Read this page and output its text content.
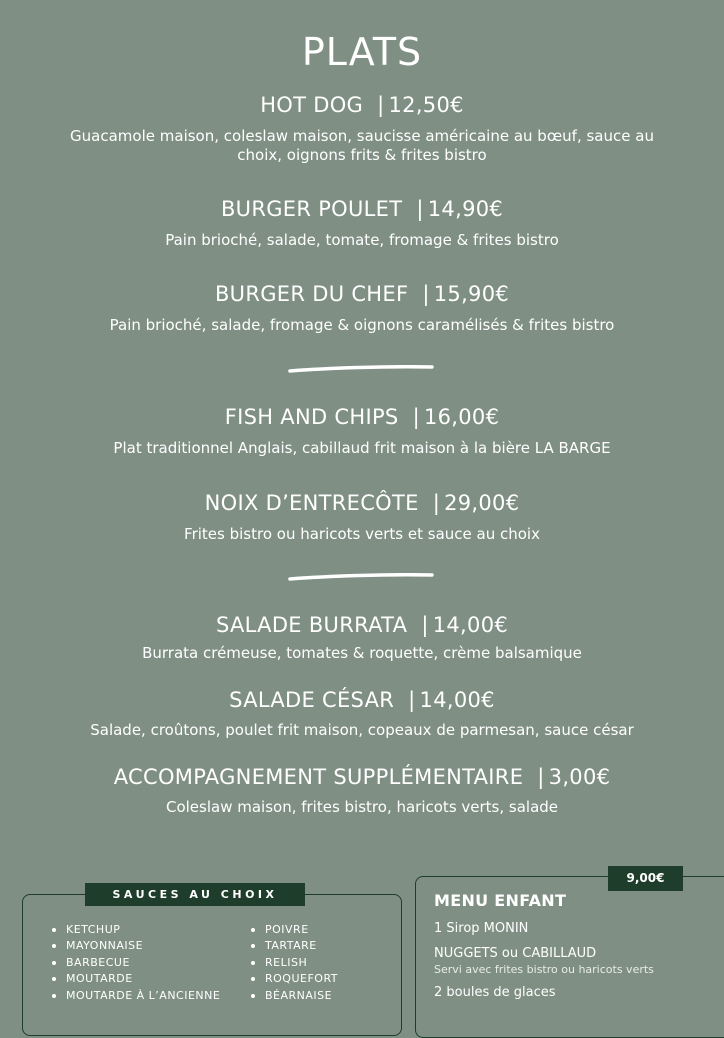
PLATS
HOT DOG | 12,50€
Guacamole maison, coleslaw maison, saucisse américaine au bœuf, sauce au choix, oignons frits & frites bistro
BURGER POULET | 14,90€
Pain brioché, salade, tomate, fromage & frites bistro
BURGER DU CHEF | 15,90€
Pain brioché, salade, fromage & oignons caramélisés & frites bistro
FISH AND CHIPS | 16,00€
Plat traditionnel Anglais, cabillaud frit maison à la bière LA BARGE
NOIX D’ENTRECÔTE | 29,00€
Frites bistro ou haricots verts et sauce au choix
SALADE BURRATA | 14,00€
Burrata crémeuse, tomates & roquette, crème balsamique
SALADE CÉSAR | 14,00€
Salade, croûtons, poulet frit maison, copeaux de parmesan, sauce césar
ACCOMPAGNEMENT SUPPLÉMENTAIRE | 3,00€
Coleslaw maison, frites bistro, haricots verts, salade
SAUCES AU CHOIX
KETCHUP
MAYONNAISE
BARBECUE
MOUTARDE
MOUTARDE À L’ANCIENNE
POIVRE
TARTARE
RELISH
ROQUEFORT
BÉARNAISE
9,00€
MENU ENFANT
1 Sirop MONIN
NUGGETS ou CABILLAUD
Servi avec frites bistro ou haricots verts
2 boules de glaces
